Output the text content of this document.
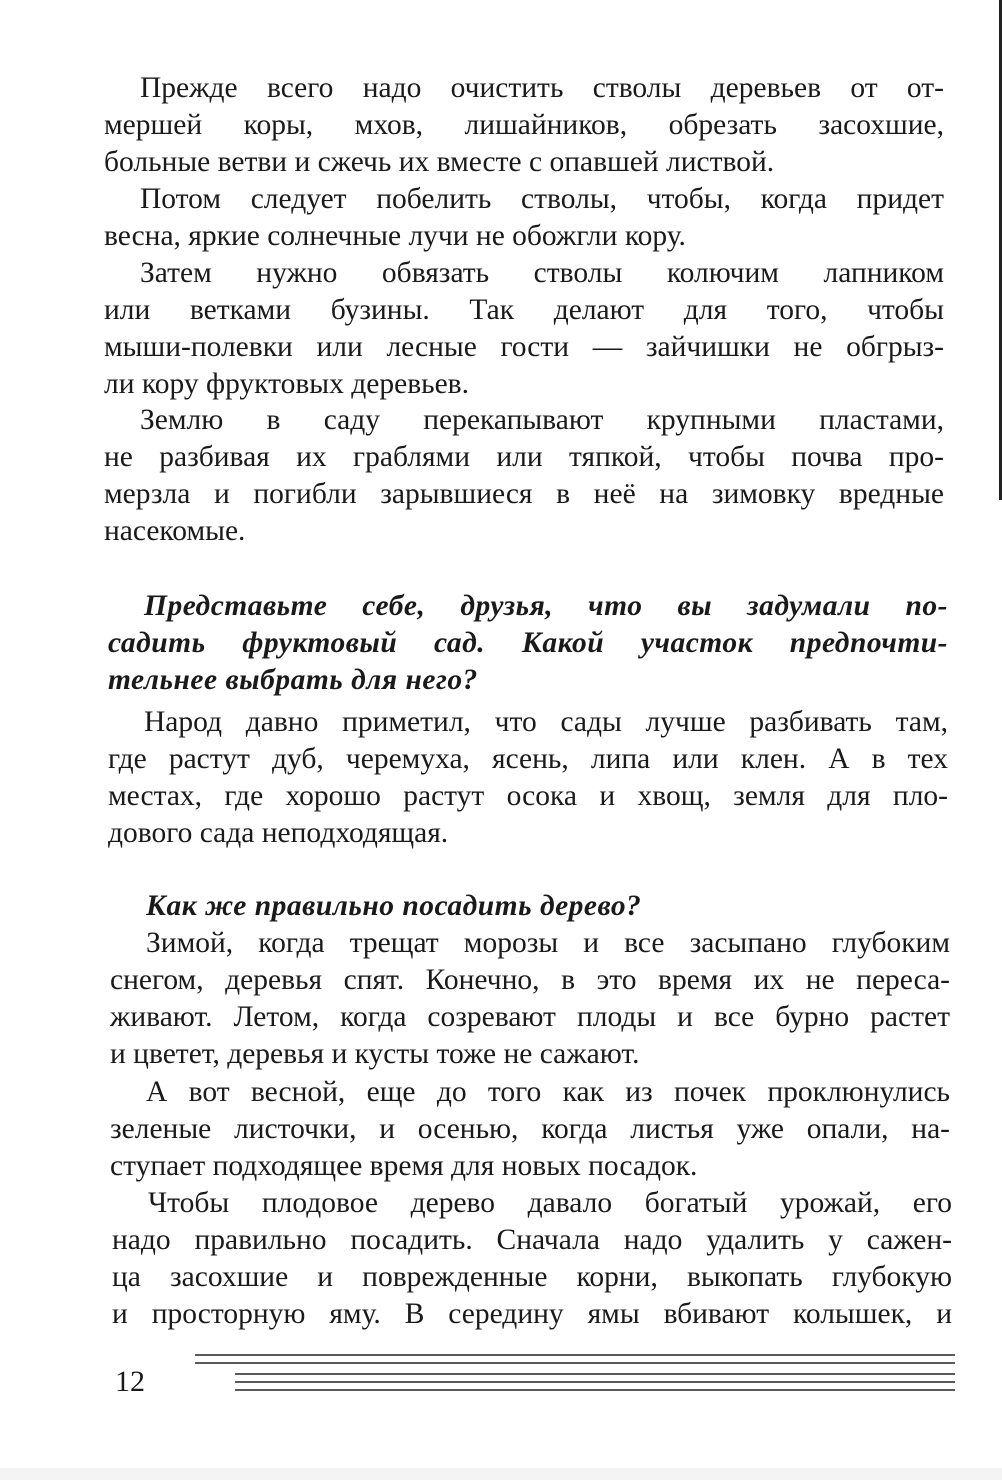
Прежде всего надо очистить стволы деревьев от от-
мершей коры, мхов, лишайников, обрезать засохшие,
больные ветви и сжечь их вместе с опавшей листвой.
Потом следует побелить стволы, чтобы, когда придет
весна, яркие солнечные лучи не обожгли кору.
Затем нужно обвязать стволы колючим лапником
или ветками бузины. Так делают для того, чтобы
мыши-полевки или лесные гости — зайчишки не обгрыз-
ли кору фруктовых деревьев.
Землю в саду перекапывают крупными пластами,
не разбивая их граблями или тяпкой, чтобы почва про-
мерзла и погибли зарывшиеся в неё на зимовку вредные
насекомые.
Представьте себе, друзья, что вы задумали по-
садить фруктовый сад. Какой участок предпочти-
тельнее выбрать для него?
Народ давно приметил, что сады лучше разбивать там,
где растут дуб, черемуха, ясень, липа или клен. А в тех
местах, где хорошо растут осока и хвощ, земля для пло-
дового сада неподходящая.
Как же правильно посадить дерево?
Зимой, когда трещат морозы и все засыпано глубоким
снегом, деревья спят. Конечно, в это время их не переса-
живают. Летом, когда созревают плоды и все бурно растет
и цветет, деревья и кусты тоже не сажают.
А вот весной, еще до того как из почек проклюнулись
зеленые листочки, и осенью, когда листья уже опали, на-
ступает подходящее время для новых посадок.
Чтобы плодовое дерево давало богатый урожай, его
надо правильно посадить. Сначала надо удалить у сажен-
ца засохшие и поврежденные корни, выкопать глубокую
и просторную яму. В середину ямы вбивают колышек, и
12
